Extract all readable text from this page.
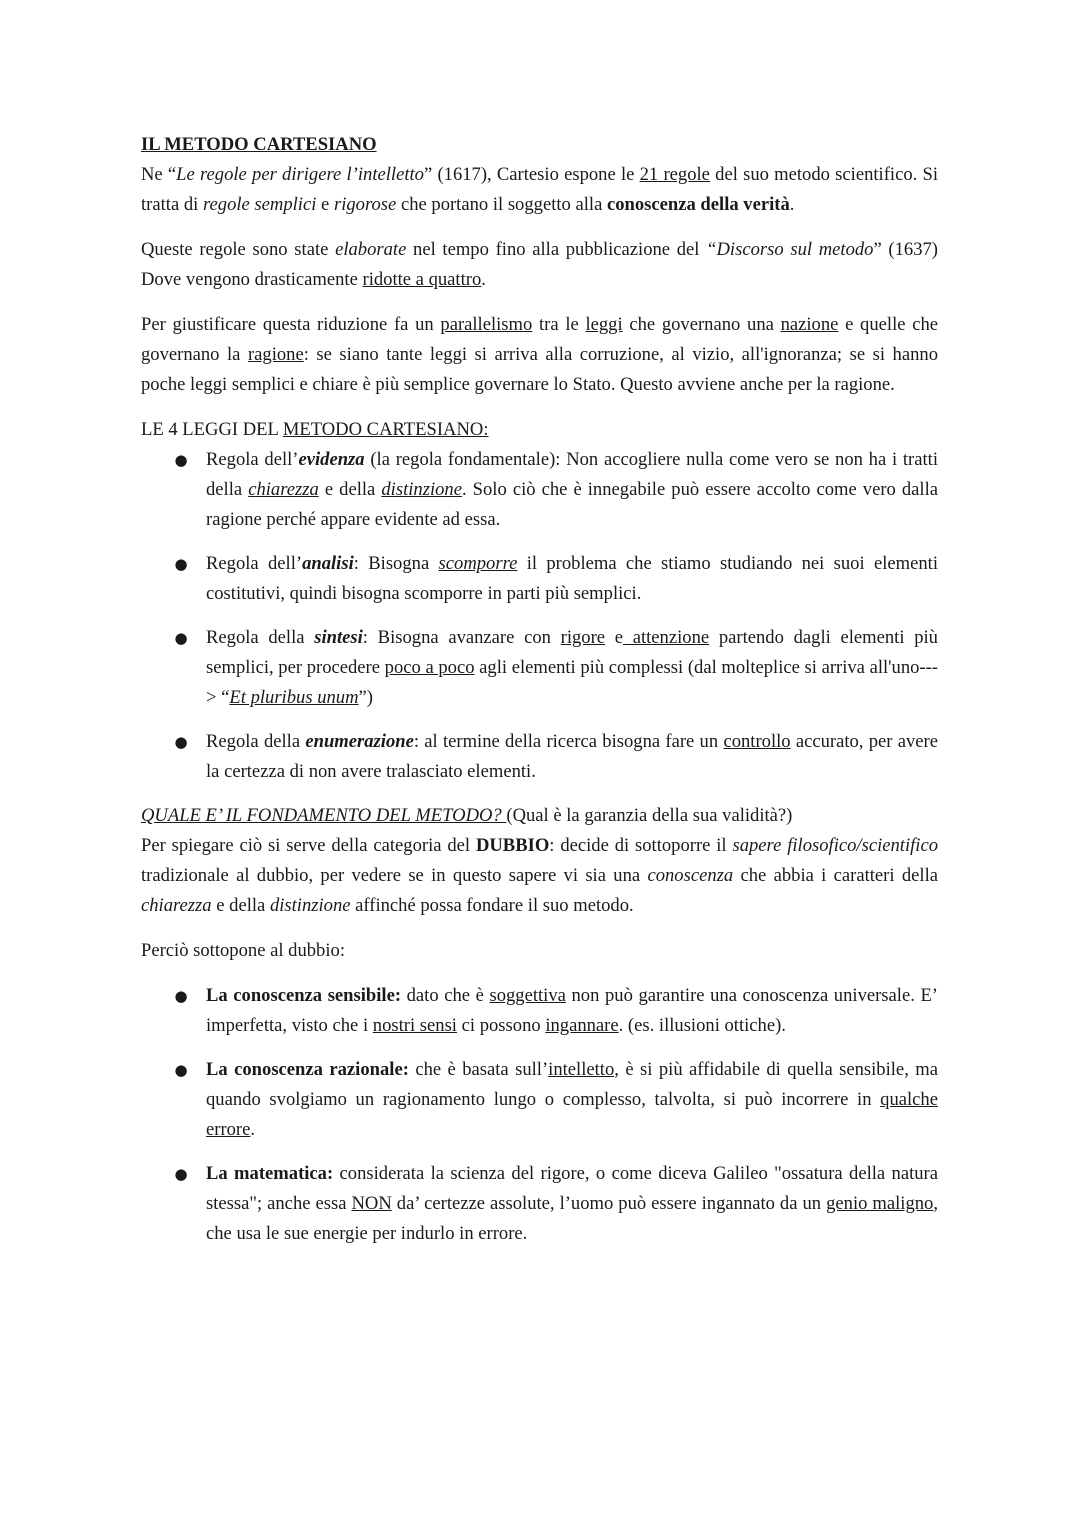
IL METODO CARTESIANO

Ne “Le regole per dirigere l’intelletto” (1617), Cartesio espone le 21 regole del suo metodo scientifico. Si tratta di regole semplici e rigorose che portano il soggetto alla conoscenza della verità.

Queste regole sono state elaborate nel tempo fino alla pubblicazione del “Discorso sul metodo” (1637) Dove vengono drasticamente ridotte a quattro.

Per giustificare questa riduzione fa un parallelismo tra le leggi che governano una nazione e quelle che governano la ragione: se siano tante leggi si arriva alla corruzione, al vizio, all'ignoranza; se si hanno poche leggi semplici e chiare è più semplice governare lo Stato. Questo avviene anche per la ragione.

LE 4 LEGGI DEL METODO CARTESIANO:

● Regola dell’evidenza (la regola fondamentale): Non accogliere nulla come vero se non ha i tratti della chiarezza e della distinzione. Solo ciò che è innegabile può essere accolto come vero dalla ragione perché appare evidente ad essa.
● Regola dell’analisi: Bisogna scomporre il problema che stiamo studiando nei suoi elementi costitutivi, quindi bisogna scomporre in parti più semplici.
● Regola della sintesi: Bisogna avanzare con rigore e attenzione partendo dagli elementi più semplici, per procedere poco a poco agli elementi più complessi (dal molteplice si arriva all'uno---> “Et pluribus unum”)
● Regola della enumerazione: al termine della ricerca bisogna fare un controllo accurato, per avere la certezza di non avere tralasciato elementi.

QUALE E’ IL FONDAMENTO DEL METODO? (Qual è la garanzia della sua validità?)

Per spiegare ciò si serve della categoria del DUBBIO: decide di sottoporre il sapere filosofico/scientifico tradizionale al dubbio, per vedere se in questo sapere vi sia una conoscenza che abbia i caratteri della chiarezza e della distinzione affinché possa fondare il suo metodo.

Perciò sottopone al dubbio:

● La conoscenza sensibile: dato che è soggettiva non può garantire una conoscenza universale. E’ imperfetta, visto che i nostri sensi ci possono ingannare. (es. illusioni ottiche).
● La conoscenza razionale: che è basata sull’intelletto, è si più affidabile di quella sensibile, ma quando svolgiamo un ragionamento lungo o complesso, talvolta, si può incorrere in qualche errore.
● La matematica: considerata la scienza del rigore, o come diceva Galileo "ossatura della natura stessa"; anche essa NON da’ certezze assolute, l’uomo può essere ingannato da un genio maligno, che usa le sue energie per indurlo in errore.
